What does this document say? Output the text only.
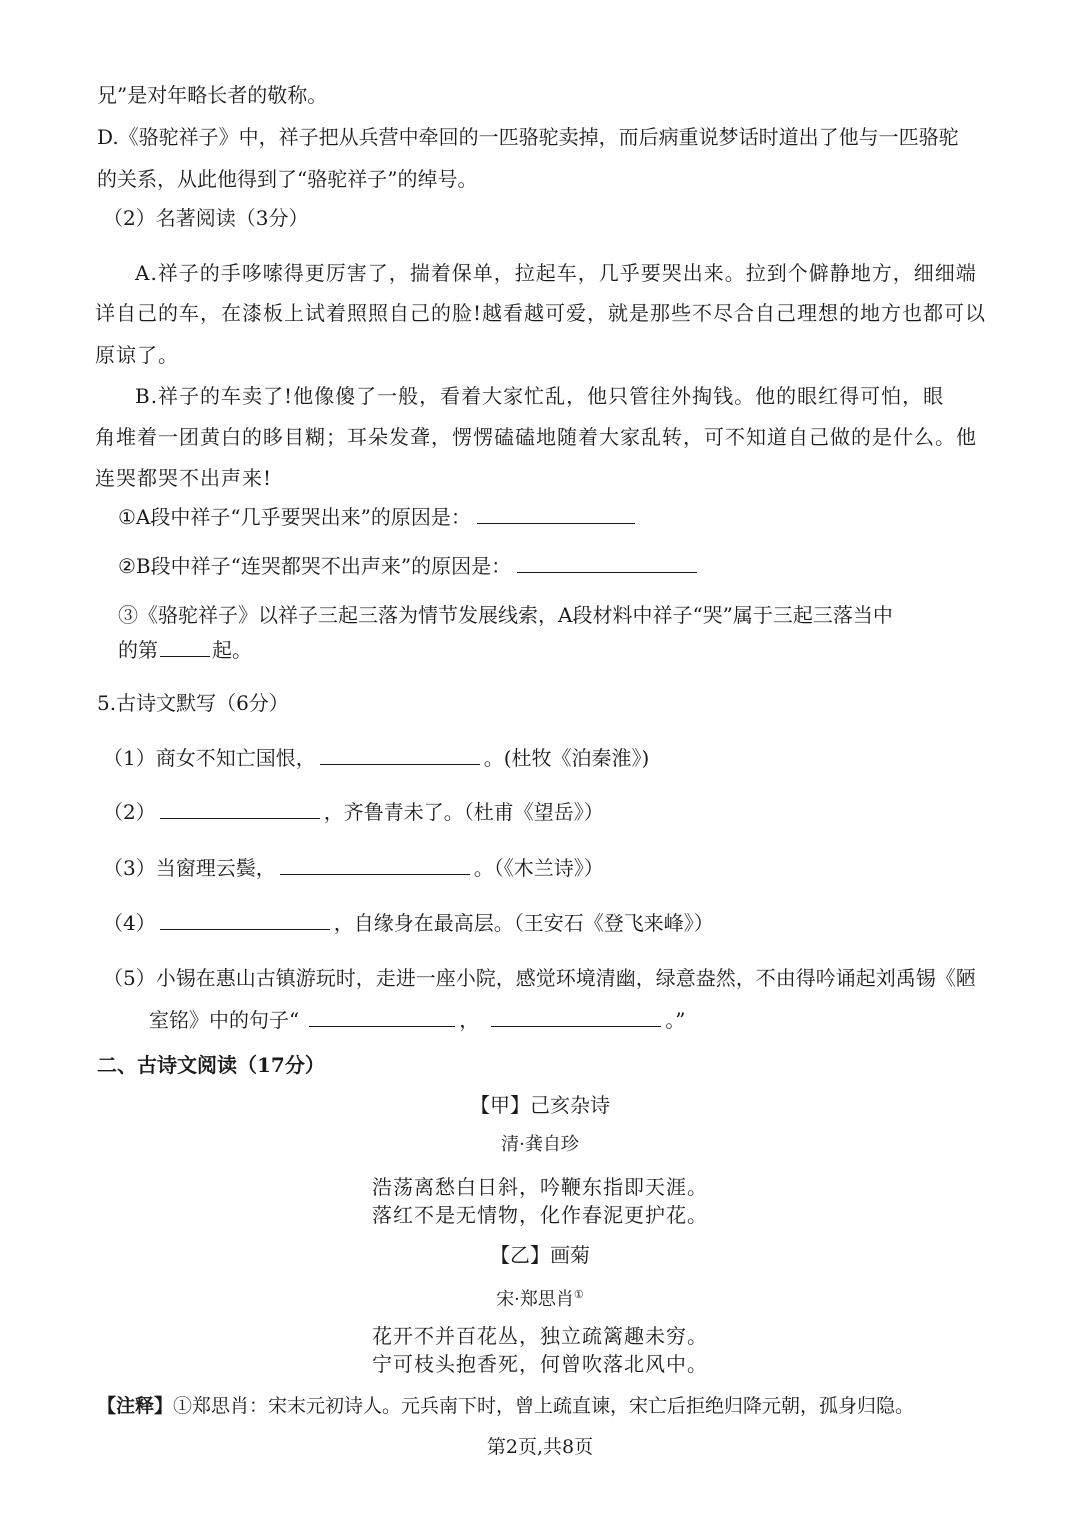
兄”是对年略长者的敬称。
D.《骆驼祥子》中，祥子把从兵营中牵回的一匹骆驼卖掉，而后病重说梦话时道出了他与一匹骆驼
的关系，从此他得到了“骆驼祥子”的绰号。
（2）名著阅读（3分）
A.祥子的手哆嗦得更厉害了，揣着保单，拉起车，几乎要哭出来。拉到个僻静地方，细细端
详自己的车，在漆板上试着照照自己的脸!越看越可爱，就是那些不尽合自己理想的地方也都可以
原谅了。
B.祥子的车卖了!他像傻了一般，看着大家忙乱，他只管往外掏钱。他的眼红得可怕，眼
角堆着一团黄白的眵目糊；耳朵发聋，愣愣磕磕地随着大家乱转，可不知道自己做的是什么。他
连哭都哭不出声来!
①A段中祥子“几乎要哭出来”的原因是：
②B段中祥子“连哭都哭不出声来”的原因是：
③《骆驼祥子》以祥子三起三落为情节发展线索，A段材料中祥子“哭”属于三起三落当中
的第	起。
5.古诗文默写（6分）
（1）商女不知亡国恨，	。(杜牧《泊秦淮》)
（2）	，齐鲁青未了。（杜甫《望岳》）
（3）当窗理云鬓，	。（《木兰诗》）
（4）	，自缘身在最高层。（王安石《登飞来峰》）
（5）小锡在惠山古镇游玩时，走进一座小院，感觉环境清幽，绿意盎然，不由得吟诵起刘禹锡《陋
室铭》中的句子“	，	。”
二、古诗文阅读（17分）
【甲】己亥杂诗
清·龚自珍
浩荡离愁白日斜，吟鞭东指即天涯。
落红不是无情物，化作春泥更护花。
【乙】画菊
宋·郑思肖①
花开不并百花丛，独立疏篱趣未穷。
宁可枝头抱香死，何曾吹落北风中。
【注释】①郑思肖：宋末元初诗人。元兵南下时，曾上疏直谏，宋亡后拒绝归降元朝，孤身归隐。
第2页,共8页
